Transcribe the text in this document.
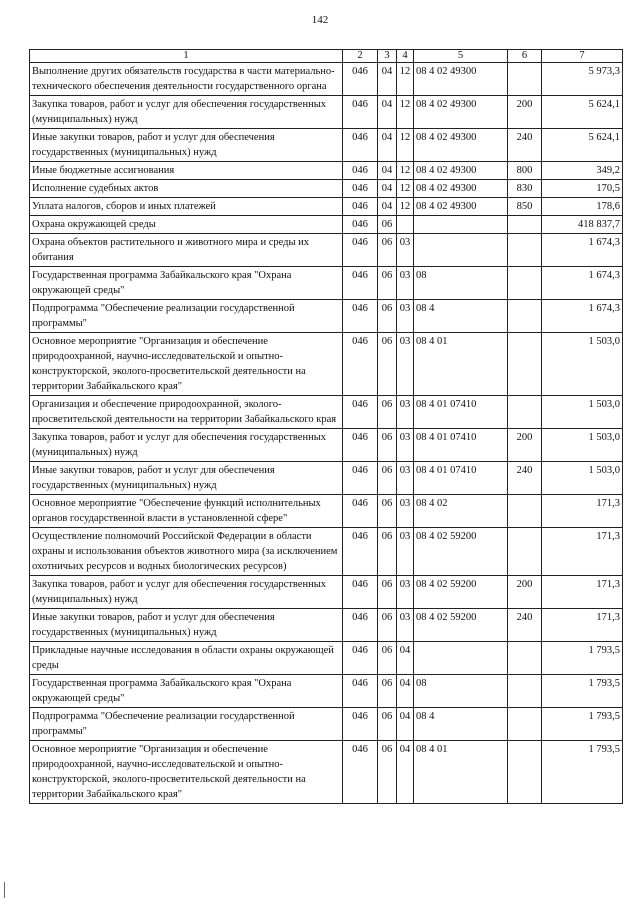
142
1	2	3	4	5	6	7
Выполнение других обязательств государства в части материально-технического обеспечения деятельности государственного органа	046	04	12	08 4 02 49300		5 973,3
Закупка товаров, работ и услуг для обеспечения государственных (муниципальных) нужд	046	04	12	08 4 02 49300	200	5 624,1
Иные закупки товаров, работ и услуг для обеспечения государственных (муниципальных) нужд	046	04	12	08 4 02 49300	240	5 624,1
Иные бюджетные ассигнования	046	04	12	08 4 02 49300	800	349,2
Исполнение судебных актов	046	04	12	08 4 02 49300	830	170,5
Уплата налогов, сборов и иных платежей	046	04	12	08 4 02 49300	850	178,6
Охрана окружающей среды	046	06				418 837,7
Охрана объектов растительного и животного мира и среды их обитания	046	06	03			1 674,3
Государственная программа Забайкальского края "Охрана окружающей среды"	046	06	03	08		1 674,3
Подпрограмма "Обеспечение реализации государственной программы"	046	06	03	08 4		1 674,3
Основное мероприятие "Организация и обеспечение природоохранной, научно-исследовательской и опытно-конструкторской, эколого-просветительской деятельности на территории Забайкальского края"	046	06	03	08 4 01		1 503,0
Организация и обеспечение природоохранной, эколого-просветительской деятельности на территории Забайкальского края	046	06	03	08 4 01 07410		1 503,0
Закупка товаров, работ и услуг для обеспечения государственных (муниципальных) нужд	046	06	03	08 4 01 07410	200	1 503,0
Иные закупки товаров, работ и услуг для обеспечения государственных (муниципальных) нужд	046	06	03	08 4 01 07410	240	1 503,0
Основное мероприятие "Обеспечение функций исполнительных органов государственной власти в установленной сфере"	046	06	03	08 4 02		171,3
Осуществление полномочий Российской Федерации в области охраны и использования объектов животного мира (за исключением охотничьих ресурсов и водных биологических ресурсов)	046	06	03	08 4 02 59200		171,3
Закупка товаров, работ и услуг для обеспечения государственных (муниципальных) нужд	046	06	03	08 4 02 59200	200	171,3
Иные закупки товаров, работ и услуг для обеспечения государственных (муниципальных) нужд	046	06	03	08 4 02 59200	240	171,3
Прикладные научные исследования в области охраны окружающей среды	046	06	04			1 793,5
Государственная программа Забайкальского края "Охрана окружающей среды"	046	06	04	08		1 793,5
Подпрограмма "Обеспечение реализации государственной программы"	046	06	04	08 4		1 793,5
Основное мероприятие "Организация и обеспечение природоохранной, научно-исследовательской и опытно-конструкторской, эколого-просветительской деятельности на территории Забайкальского края"	046	06	04	08 4 01		1 793,5
